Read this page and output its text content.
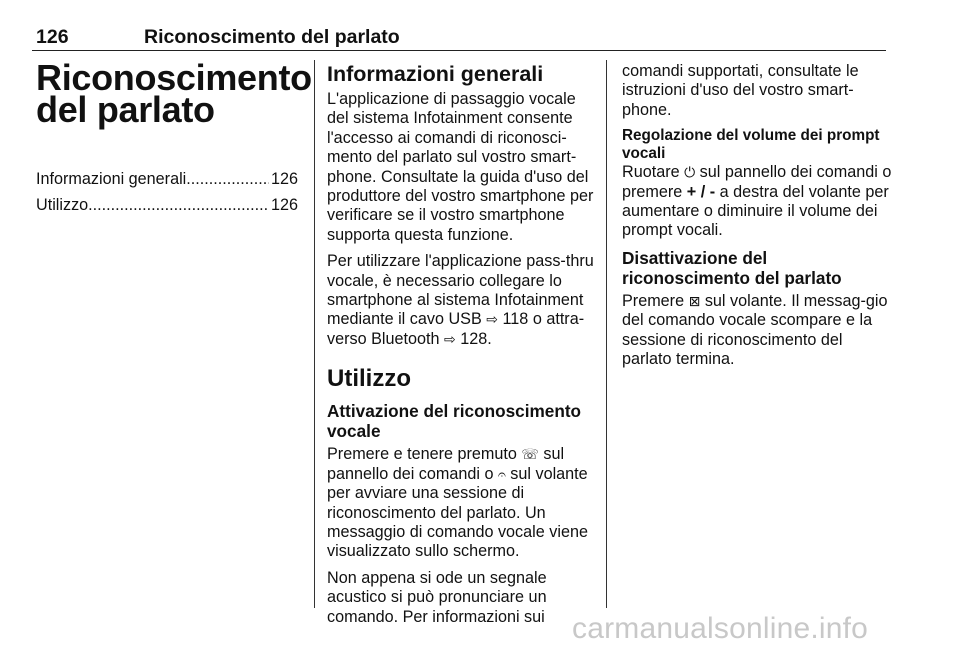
126	Riconoscimento del parlato
Riconoscimento del parlato
Informazioni generali .....	126
Utilizzo .....	126
Informazioni generali

L'applicazione di passaggio vocale del sistema Infotainment consente l'accesso ai comandi di riconosci-mento del parlato sul vostro smart-phone. Consultate la guida d'uso del produttore del vostro smartphone per verificare se il vostro smartphone supporta questa funzione.

Per utilizzare l'applicazione pass-thru vocale, è necessario collegare lo smartphone al sistema Infotainment mediante il cavo USB ⇨ 118 o attra-verso Bluetooth ⇨ 128.

Utilizzo
Attivazione del riconoscimento vocale

Premere e tenere premuto ☏ sul pannello dei comandi o 𝄐 sul volante per avviare una sessione di riconoscimento del parlato. Un messaggio di comando vocale viene visualizzato sullo schermo.

Non appena si ode un segnale acustico si può pronunciare un comando. Per informazioni sui

comandi supportati, consultate le istruzioni d'uso del vostro smart-phone.

Regolazione del volume dei prompt vocali

Ruotare ⏻ sul pannello dei comandi o premere + / - a destra del volante per aumentare o diminuire il volume dei prompt vocali.

Disattivazione del riconoscimento del parlato

Premere ⊠ sul volante. Il messag-gio del comando vocale scompare e la sessione di riconoscimento del parlato termina.

carmanualsonline.info
